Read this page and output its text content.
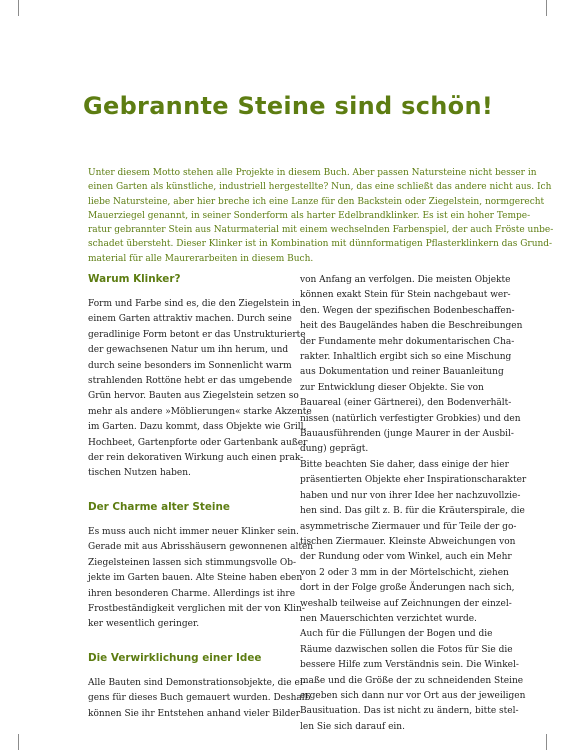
Gebrannte Steine sind schön!
Unter diesem Motto stehen alle Projekte in diesem Buch. Aber passen Natursteine nicht besser in
einen Garten als künstliche, industriell hergestellte? Nun, das eine schließt das andere nicht aus. Ich
liebe Natursteine, aber hier breche ich eine Lanze für den Backstein oder Ziegelstein, normgerecht
Mauerziegel genannt, in seiner Sonderform als harter Edelbrandklinker. Es ist ein hoher Tempe-
ratur gebrannter Stein aus Naturmaterial mit einem wechselnden Farbenspiel, der auch Fröste unbe-
schadet übersteht. Dieser Klinker ist in Kombination mit dünnformatigen Pflasterklinkern das Grund-
material für alle Maurerarbeiten in diesem Buch.
Warum Klinker?

Form und Farbe sind es, die den Ziegelstein in
einem Garten attraktiv machen. Durch seine
geradlinige Form betont er das Unstrukturierte
der gewachsenen Natur um ihn herum, und
durch seine besonders im Sonnenlicht warm
strahlenden Rottöne hebt er das umgebende
Grün hervor. Bauten aus Ziegelstein setzen so
mehr als andere »Möblierungen« starke Akzente
im Garten. Dazu kommt, dass Objekte wie Grill,
Hochbeet, Gartenpforte oder Gartenbank außer
der rein dekorativen Wirkung auch einen prak-
tischen Nutzen haben.

Der Charme alter Steine

Es muss auch nicht immer neuer Klinker sein.
Gerade mit aus Abrisshäusern gewonnenen alten
Ziegelsteinen lassen sich stimmungsvolle Ob-
jekte im Garten bauen. Alte Steine haben eben
ihren besonderen Charme. Allerdings ist ihre
Frostbeständigkeit verglichen mit der von Klin-
ker wesentlich geringer.

Die Verwirklichung einer Idee

Alle Bauten sind Demonstrationsobjekte, die ei-
gens für dieses Buch gemauert wurden. Deshalb
können Sie ihr Entstehen anhand vieler Bilder

von Anfang an verfolgen. Die meisten Objekte
können exakt Stein für Stein nachgebaut wer-
den. Wegen der spezifischen Bodenbeschaffen-
heit des Baugeländes haben die Beschreibungen
der Fundamente mehr dokumentarischen Cha-
rakter. Inhaltlich ergibt sich so eine Mischung
aus Dokumentation und reiner Bauanleitung
zur Entwicklung dieser Objekte. Sie von
Bauareal (einer Gärtnerei), den Bodenverhält-
nissen (natürlich verfestigter Grobkies) und den
Bauausführenden (junge Maurer in der Ausbil-
dung) geprägt.

Bitte beachten Sie daher, dass einige der hier
präsentierten Objekte eher Inspirationscharakter
haben und nur von ihrer Idee her nachzuvollzie-
hen sind. Das gilt z. B. für die Kräuterspirale, die
asymmetrische Ziermauer und für Teile der go-
tischen Ziermauer. Kleinste Abweichungen von
der Rundung oder vom Winkel, auch ein Mehr
von 2 oder 3 mm in der Mörtelschicht, ziehen
dort in der Folge große Änderungen nach sich,
weshalb teilweise auf Zeichnungen der einzel-
nen Mauerschichten verzichtet wurde.

Auch für die Füllungen der Bogen und die
Räume dazwischen sollen die Fotos für Sie die
bessere Hilfe zum Verständnis sein. Die Winkel-
maße und die Größe der zu schneidenden Steine
ergeben sich dann nur vor Ort aus der jeweiligen
Bausituation. Das ist nicht zu ändern, bitte stel-
len Sie sich darauf ein.
